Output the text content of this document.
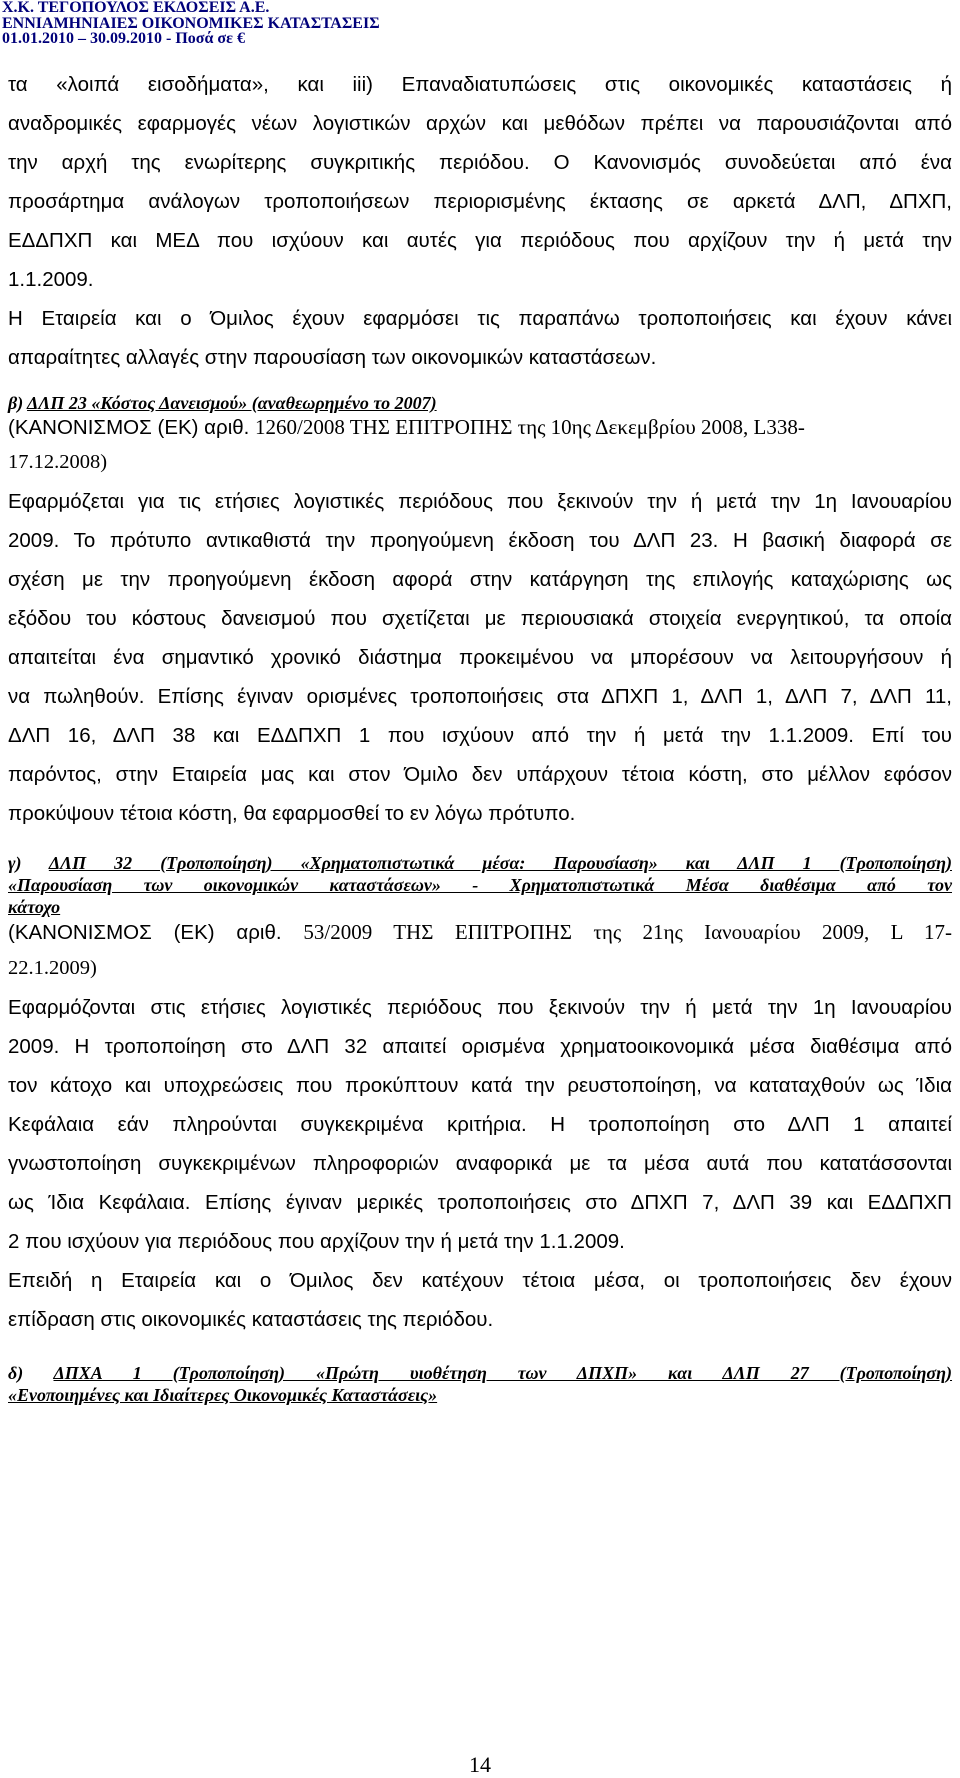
Χ.Κ. ΤΕΓΟΠΟΥΛΟΣ ΕΚΔΟΣΕΙΣ Α.Ε.
ΕΝΝΙΑΜΗΝΙΑΙΕΣ ΟΙΚΟΝΟΜΙΚΕΣ ΚΑΤΑΣΤΑΣΕΙΣ
01.01.2010 – 30.09.2010 - Ποσά σε €
τα «λοιπά εισοδήματα», και iii) Επαναδιατυπώσεις στις οικονομικές καταστάσεις ή
αναδρομικές εφαρμογές νέων λογιστικών αρχών και μεθόδων πρέπει να παρουσιάζονται από
την αρχή της ενωρίτερης συγκριτικής περιόδου. Ο Κανονισμός συνοδεύεται από ένα
προσάρτημα ανάλογων τροποποιήσεων περιορισμένης έκτασης σε αρκετά ΔΛΠ, ΔΠΧΠ,
ΕΔΔΠΧΠ και ΜΕΔ που ισχύουν και αυτές για περιόδους που αρχίζουν την ή μετά την
1.1.2009.
Η Εταιρεία και ο Όμιλος έχουν εφαρμόσει τις παραπάνω τροποποιήσεις και έχουν κάνει
απαραίτητες αλλαγές στην παρουσίαση των οικονομικών καταστάσεων.
β) ΔΛΠ 23 «Κόστος Δανεισμού» (αναθεωρημένο το 2007)
(ΚΑΝΟΝΙΣΜΟΣ (ΕΚ) αριθ. 1260/2008 ΤΗΣ ΕΠΙΤΡΟΠΗΣ της 10ης Δεκεμβρίου 2008, L338-
17.12.2008)
Εφαρμόζεται για τις ετήσιες λογιστικές περιόδους που ξεκινούν την ή μετά την 1η Ιανουαρίου
2009. Το πρότυπο αντικαθιστά την προηγούμενη έκδοση του ΔΛΠ 23. Η βασική διαφορά σε
σχέση με την προηγούμενη έκδοση αφορά στην κατάργηση της επιλογής καταχώρισης ως
εξόδου του κόστους δανεισμού που σχετίζεται με περιουσιακά στοιχεία ενεργητικού, τα οποία
απαιτείται ένα σημαντικό χρονικό διάστημα προκειμένου να μπορέσουν να λειτουργήσουν ή
να πωληθούν. Επίσης έγιναν ορισμένες τροποποιήσεις στα ΔΠΧΠ 1, ΔΛΠ 1, ΔΛΠ 7, ΔΛΠ 11,
ΔΛΠ 16, ΔΛΠ 38 και ΕΔΔΠΧΠ 1 που ισχύουν από την ή μετά την 1.1.2009. Επί του
παρόντος, στην Εταιρεία μας και στον Όμιλο δεν υπάρχουν τέτοια κόστη, στο μέλλον εφόσον
προκύψουν τέτοια κόστη, θα εφαρμοσθεί το εν λόγω πρότυπο.
γ) ΔΛΠ 32 (Τροποποίηση) «Χρηματοπιστωτικά μέσα: Παρουσίαση» και ΔΛΠ 1 (Τροποποίηση)
«Παρουσίαση των οικονομικών καταστάσεων» - Χρηματοπιστωτικά Μέσα διαθέσιμα από τον
κάτοχο
(ΚΑΝΟΝΙΣΜΟΣ (ΕΚ) αριθ. 53/2009 ΤΗΣ ΕΠΙΤΡΟΠΗΣ της 21ης Ιανουαρίου 2009, L 17-
22.1.2009)
Εφαρμόζονται στις ετήσιες λογιστικές περιόδους που ξεκινούν την ή μετά την 1η Ιανουαρίου
2009. Η τροποποίηση στο ΔΛΠ 32 απαιτεί ορισμένα χρηματοοικονομικά μέσα διαθέσιμα από
τον κάτοχο και υποχρεώσεις που προκύπτουν κατά την ρευστοποίηση, να καταταχθούν ως Ίδια
Κεφάλαια εάν πληρούνται συγκεκριμένα κριτήρια. Η τροποποίηση στο ΔΛΠ 1 απαιτεί
γνωστοποίηση συγκεκριμένων πληροφοριών αναφορικά με τα μέσα αυτά που κατατάσσονται
ως Ίδια Κεφάλαια. Επίσης έγιναν μερικές τροποποιήσεις στο ΔΠΧΠ 7, ΔΛΠ 39 και ΕΔΔΠΧΠ
2 που ισχύουν για περιόδους που αρχίζουν την ή μετά την 1.1.2009.
Επειδή η Εταιρεία και ο Όμιλος δεν κατέχουν τέτοια μέσα, οι τροποποιήσεις δεν έχουν
επίδραση στις οικονομικές καταστάσεις της περιόδου.
δ) ΔΠΧΑ 1 (Τροποποίηση) «Πρώτη υιοθέτηση των ΔΠΧΠ» και ΔΛΠ 27 (Τροποποίηση)
«Ενοποιημένες και Ιδιαίτερες Οικονομικές Καταστάσεις»
14
